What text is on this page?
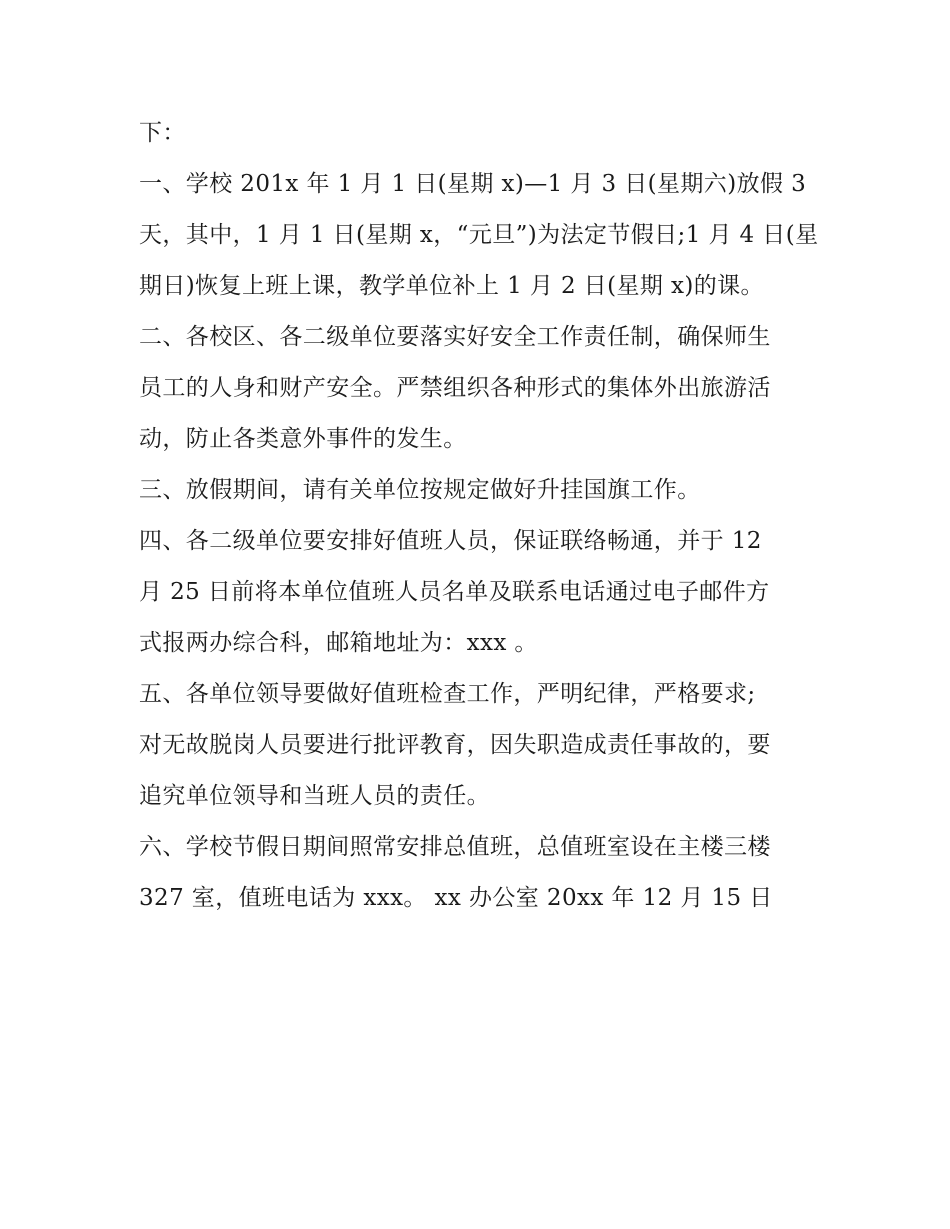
下：
一、学校 201x 年 1 月 1 日(星期 x)—1 月 3 日(星期六)放假 3
天，其中，1 月 1 日(星期 x，“元旦”)为法定节假日;1 月 4 日(星
期日)恢复上班上课，教学单位补上 1 月 2 日(星期 x)的课。
二、各校区、各二级单位要落实好安全工作责任制，确保师生
员工的人身和财产安全。严禁组织各种形式的集体外出旅游活
动，防止各类意外事件的发生。
三、放假期间，请有关单位按规定做好升挂国旗工作。
四、各二级单位要安排好值班人员，保证联络畅通，并于 12
月 25 日前将本单位值班人员名单及联系电话通过电子邮件方
式报两办综合科，邮箱地址为：xxx 。
五、各单位领导要做好值班检查工作，严明纪律，严格要求;
对无故脱岗人员要进行批评教育，因失职造成责任事故的，要
追究单位领导和当班人员的责任。
六、学校节假日期间照常安排总值班，总值班室设在主楼三楼
327 室，值班电话为 xxx。 xx 办公室 20xx 年 12 月 15 日
